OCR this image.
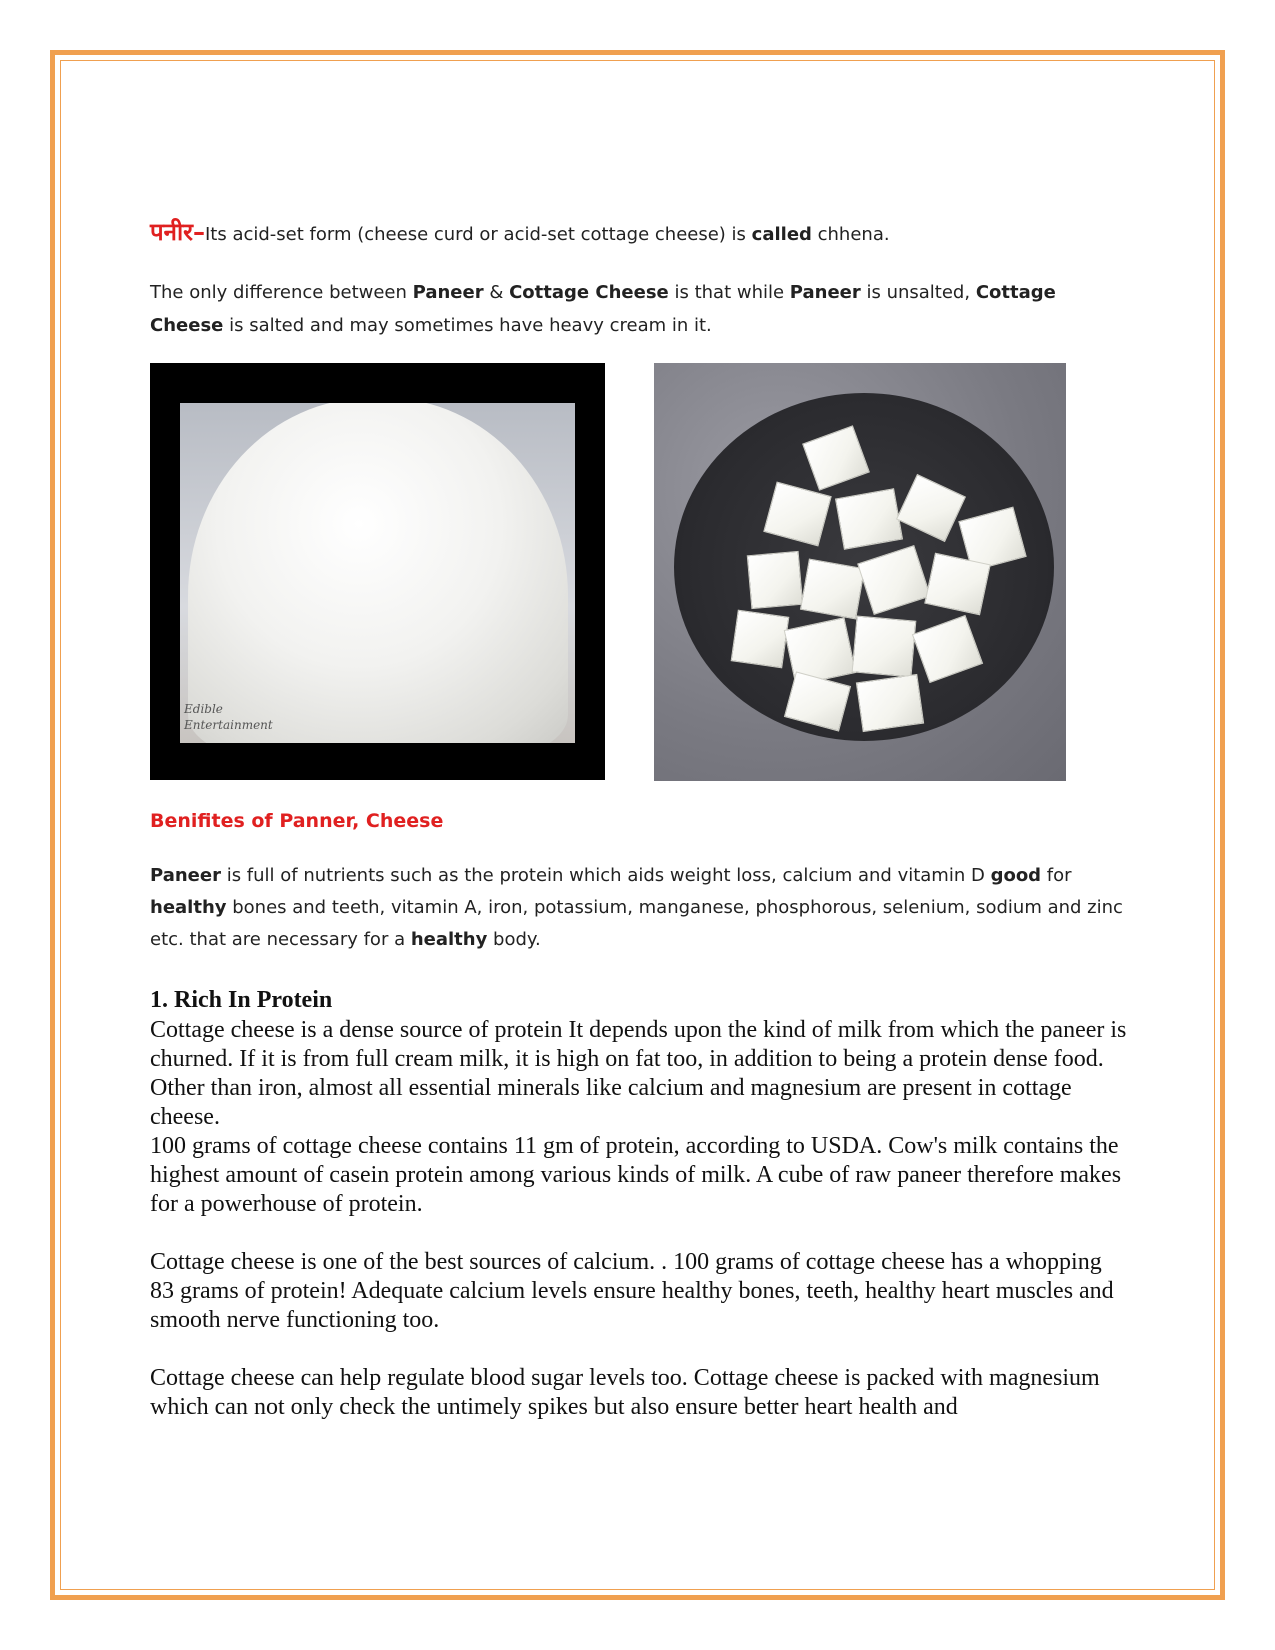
पनीर–Its acid-set form (cheese curd or acid-set cottage cheese) is called chhena.
The only difference between Paneer & Cottage Cheese is that while Paneer is unsalted, Cottage Cheese is salted and may sometimes have heavy cream in it.
Edible
Entertainment
Benifites of Panner, Cheese
Paneer is full of nutrients such as the protein which aids weight loss, calcium and vitamin D good for healthy bones and teeth, vitamin A, iron, potassium, manganese, phosphorous, selenium, sodium and zinc etc. that are necessary for a healthy body.
1. Rich In Protein

Cottage cheese is a dense source of protein It depends upon the kind of milk from which the paneer is churned. If it is from full cream milk, it is high on fat too, in addition to being a protein dense food.

Other than iron, almost all essential minerals like calcium and magnesium are present in cottage cheese.

100 grams of cottage cheese contains 11 gm of protein, according to USDA. Cow's milk contains the highest amount of casein protein among various kinds of milk. A cube of raw paneer therefore makes for a powerhouse of protein.

Cottage cheese is one of the best sources of calcium. . 100 grams of cottage cheese has a whopping 83 grams of protein! Adequate calcium levels ensure healthy bones, teeth, healthy heart muscles and smooth nerve functioning too.

Cottage cheese can help regulate blood sugar levels too. Cottage cheese is packed with magnesium which can not only check the untimely spikes but also ensure better heart health and
